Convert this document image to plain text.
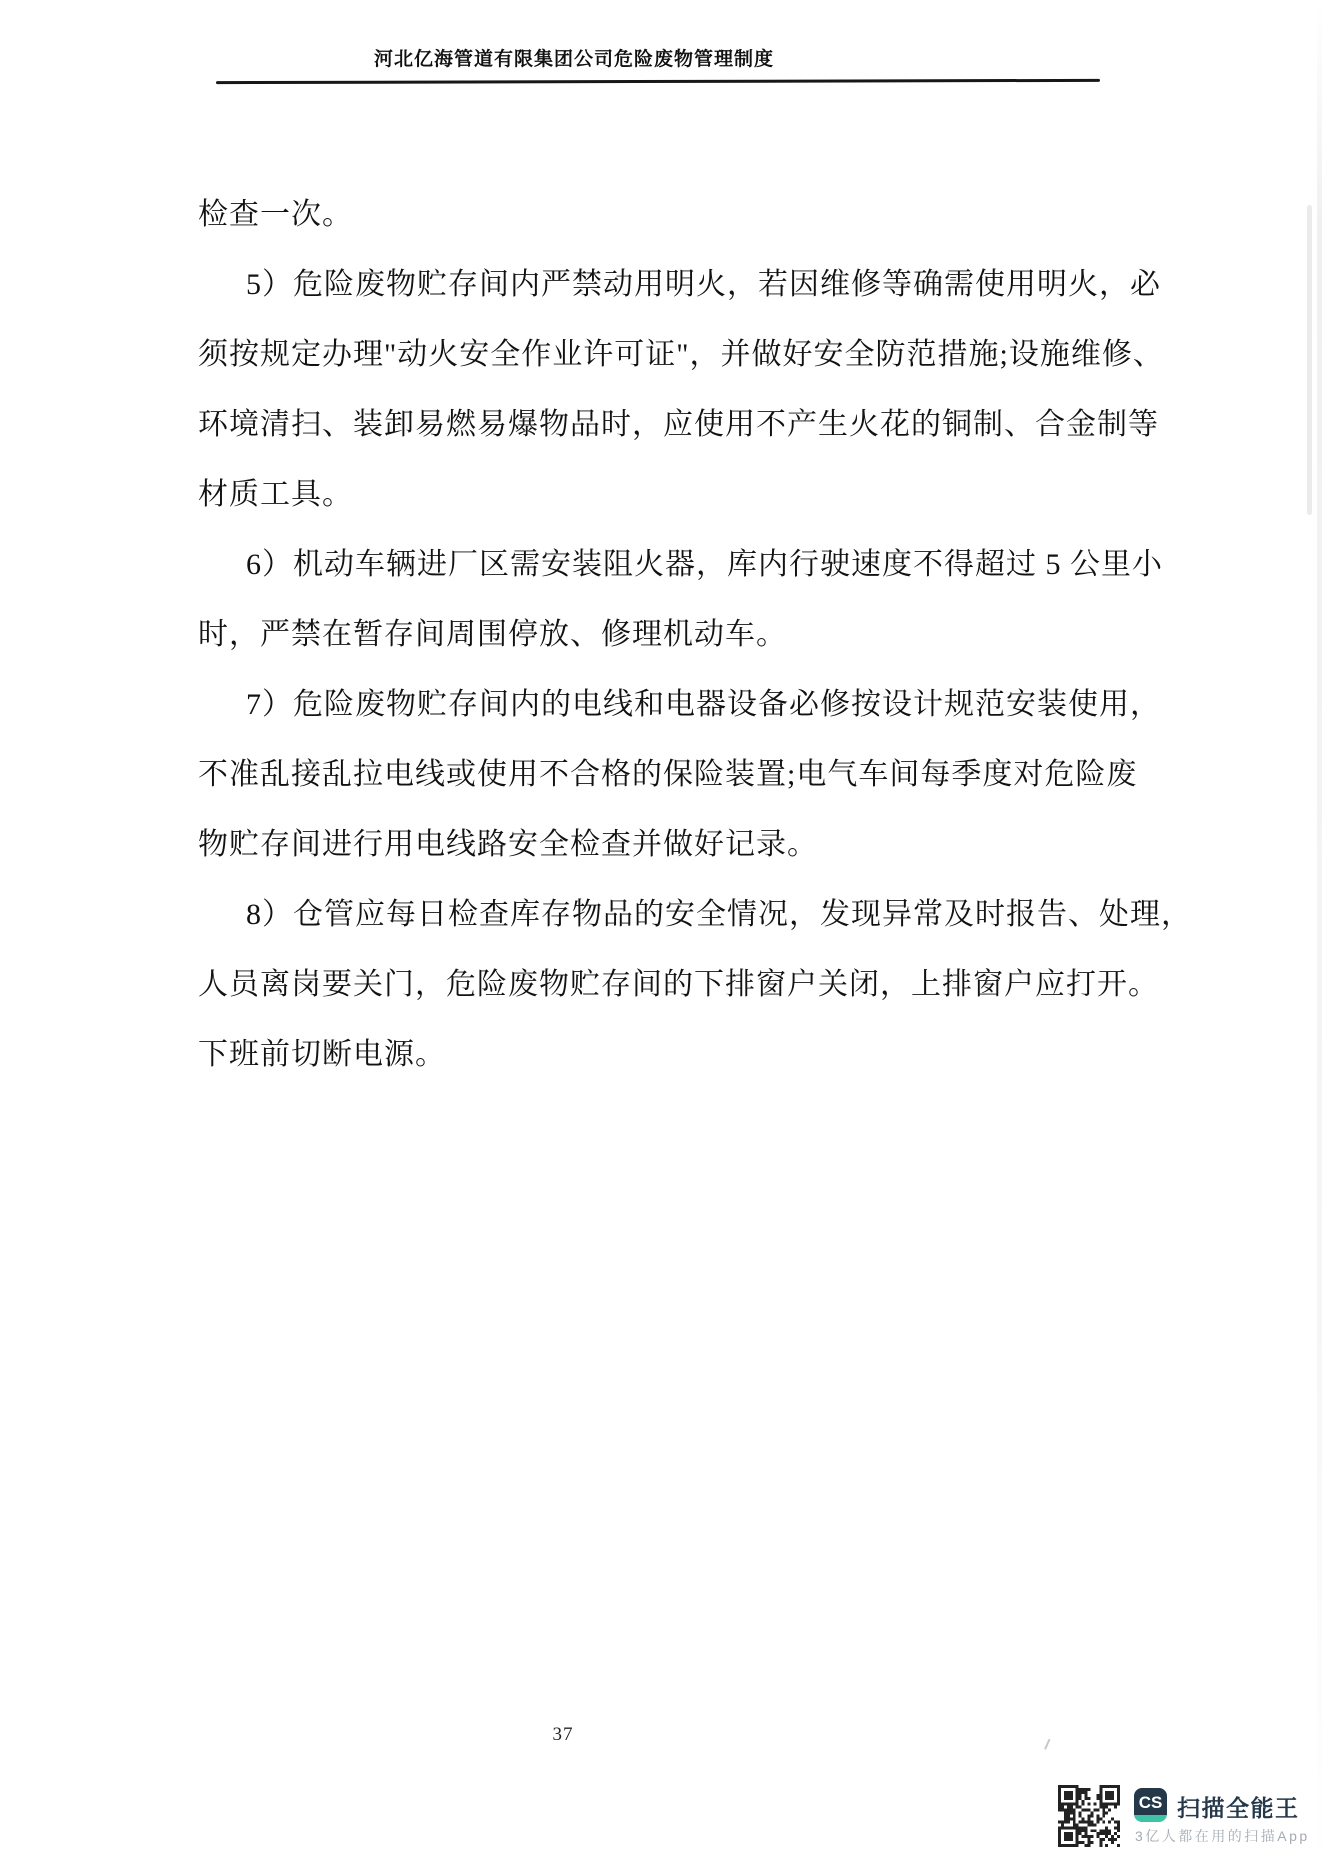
河北亿海管道有限集团公司危险废物管理制度
检查一次。
5）危险废物贮存间内严禁动用明火，若因维修等确需使用明火，必
须按规定办理"动火安全作业许可证"，并做好安全防范措施;设施维修、
环境清扫、装卸易燃易爆物品时，应使用不产生火花的铜制、合金制等
材质工具。
6）机动车辆进厂区需安装阻火器，库内行驶速度不得超过 5 公里小
时，严禁在暂存间周围停放、修理机动车。
7）危险废物贮存间内的电线和电器设备必修按设计规范安装使用，
不准乱接乱拉电线或使用不合格的保险装置;电气车间每季度对危险废
物贮存间进行用电线路安全检查并做好记录。
8）仓管应每日检查库存物品的安全情况，发现异常及时报告、处理，
人员离岗要关门，危险废物贮存间的下排窗户关闭，上排窗户应打开。
下班前切断电源。
37
CS 扫描全能王
3亿人都在用的扫描App
